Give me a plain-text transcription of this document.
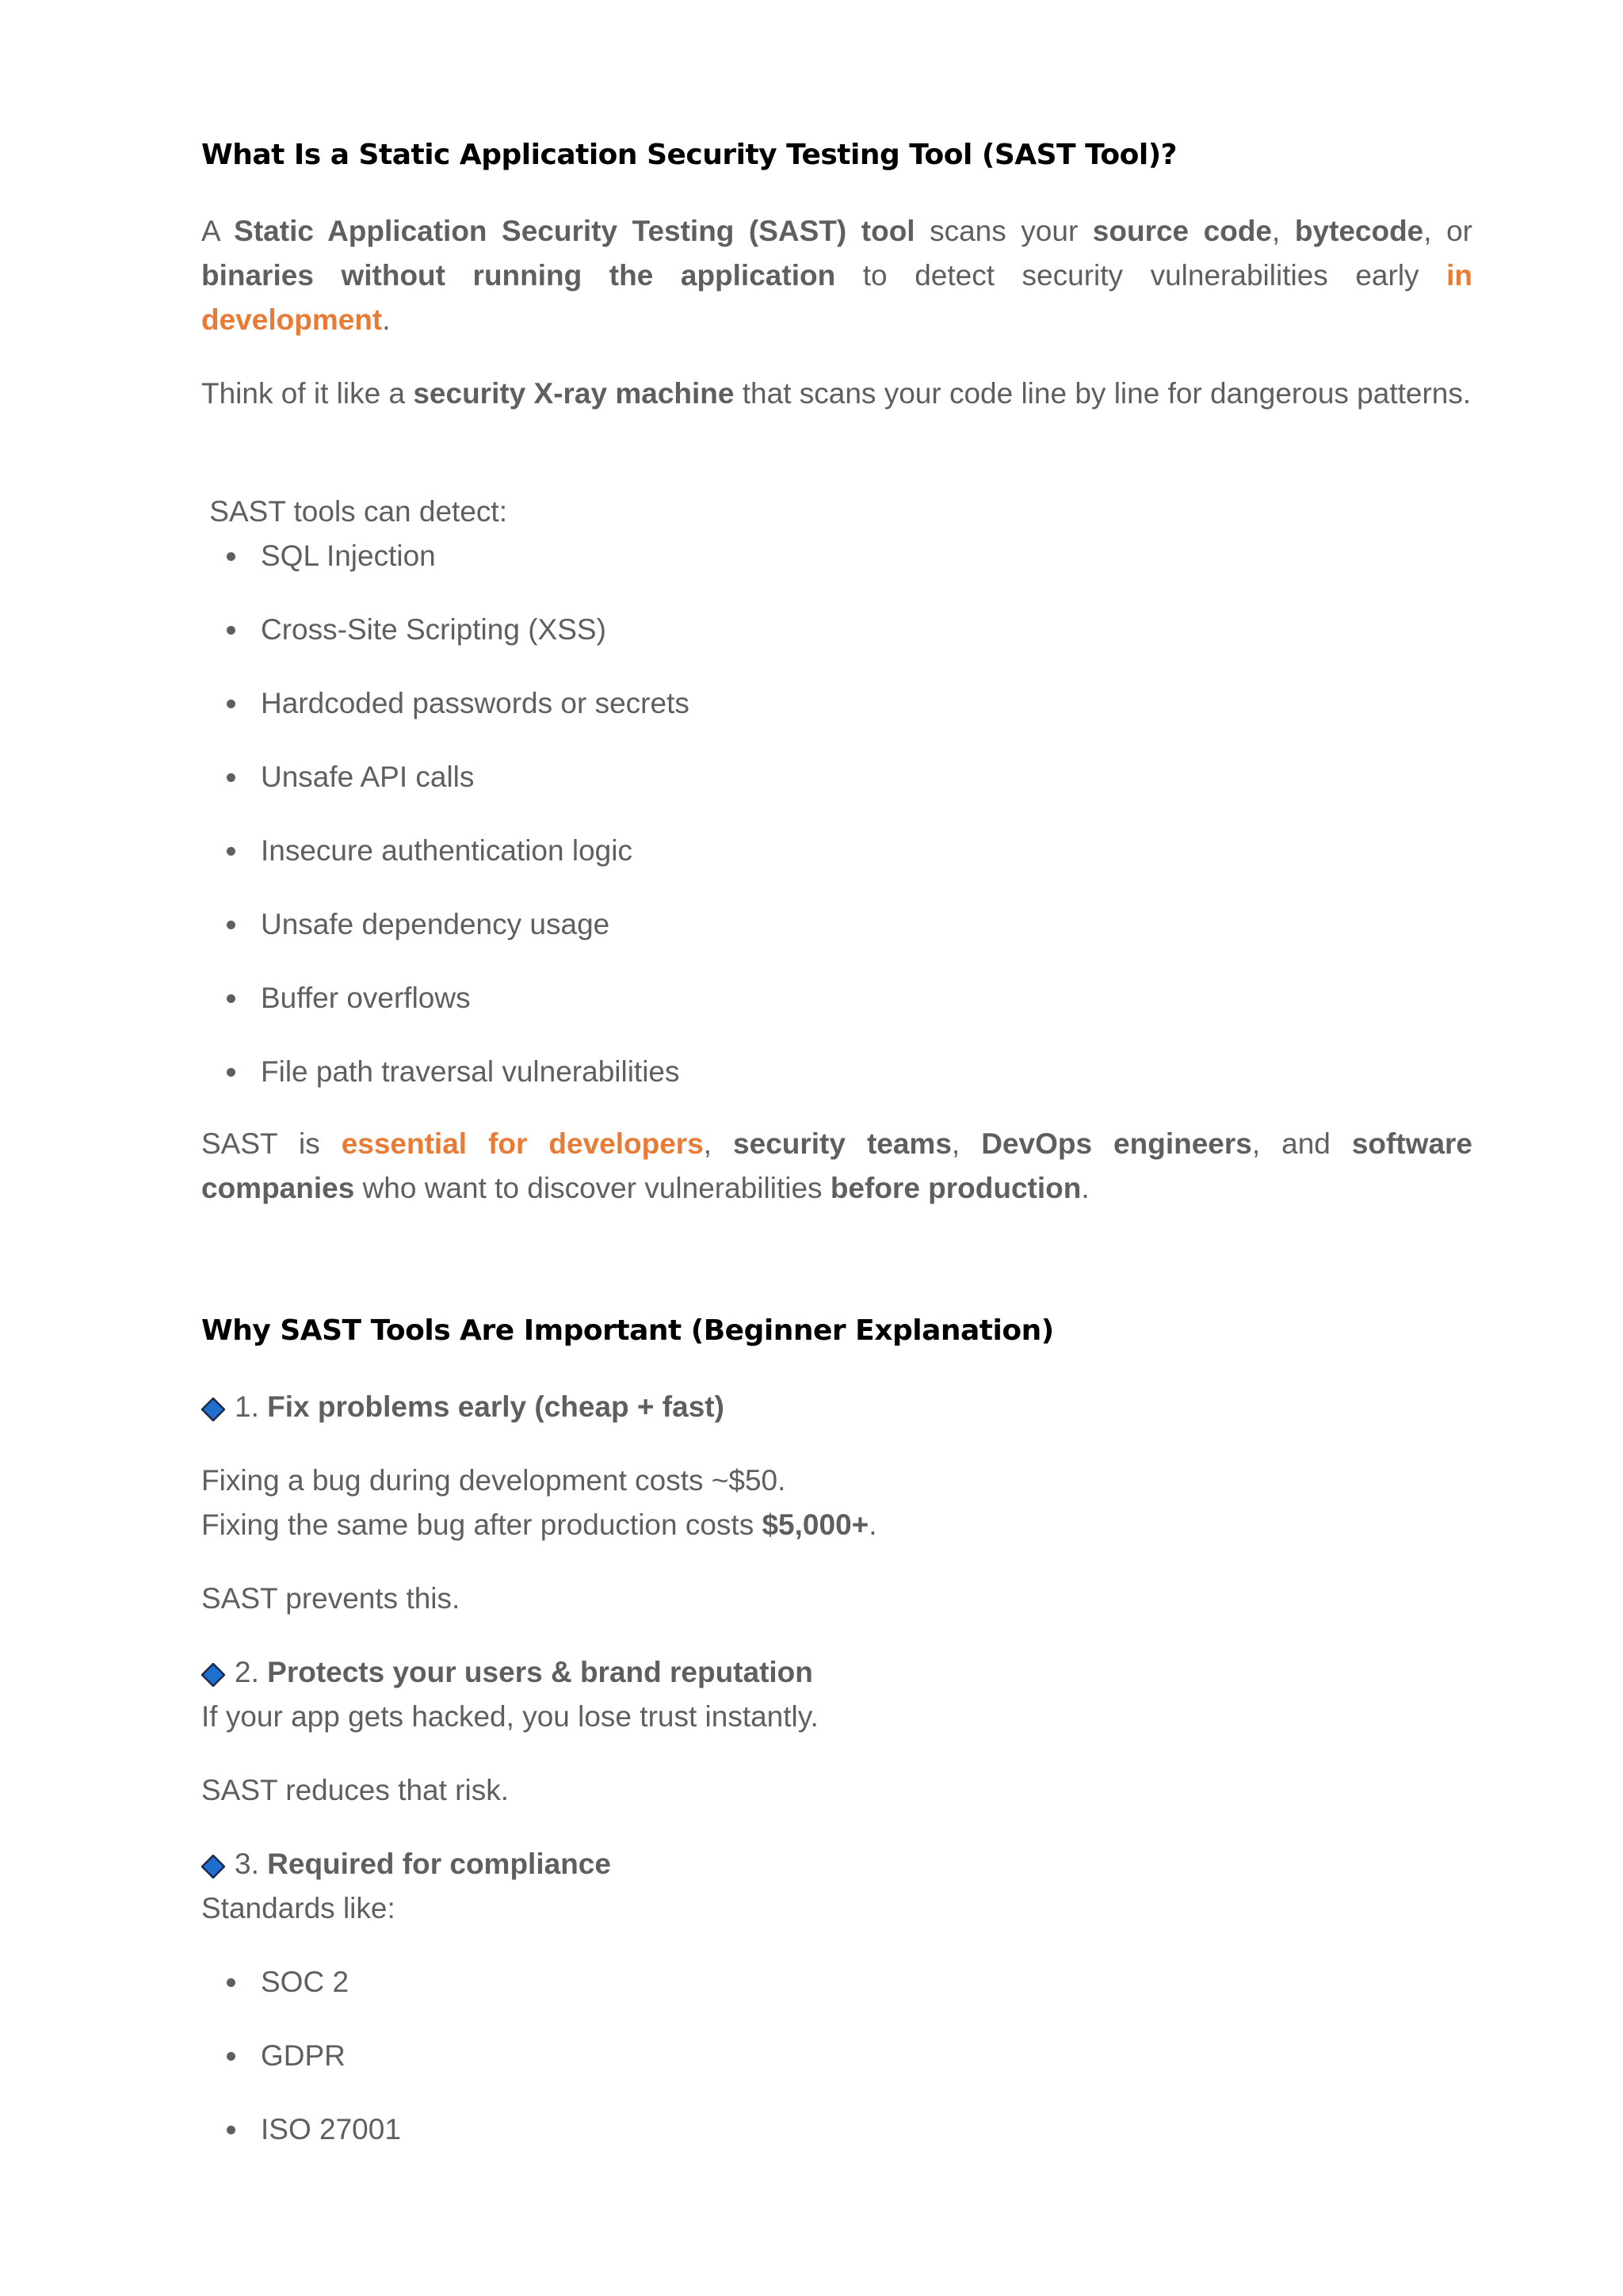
What Is a Static Application Security Testing Tool (SAST Tool)?

A Static Application Security Testing (SAST) tool scans your source code, bytecode, or binaries without running the application to detect security vulnerabilities early in development.

Think of it like a security X-ray machine that scans your code line by line for dangerous patterns.

SAST tools can detect:

SQL Injection
Cross-Site Scripting (XSS)
Hardcoded passwords or secrets
Unsafe API calls
Insecure authentication logic
Unsafe dependency usage
Buffer overflows
File path traversal vulnerabilities

SAST is essential for developers, security teams, DevOps engineers, and software companies who want to discover vulnerabilities before production.

Why SAST Tools Are Important (Beginner Explanation)

1. Fix problems early (cheap + fast)

Fixing a bug during development costs ~$50.

Fixing the same bug after production costs $5,000+.

SAST prevents this.

2. Protects your users & brand reputation

If your app gets hacked, you lose trust instantly.

SAST reduces that risk.

3. Required for compliance

Standards like:

SOC 2
GDPR
ISO 27001
